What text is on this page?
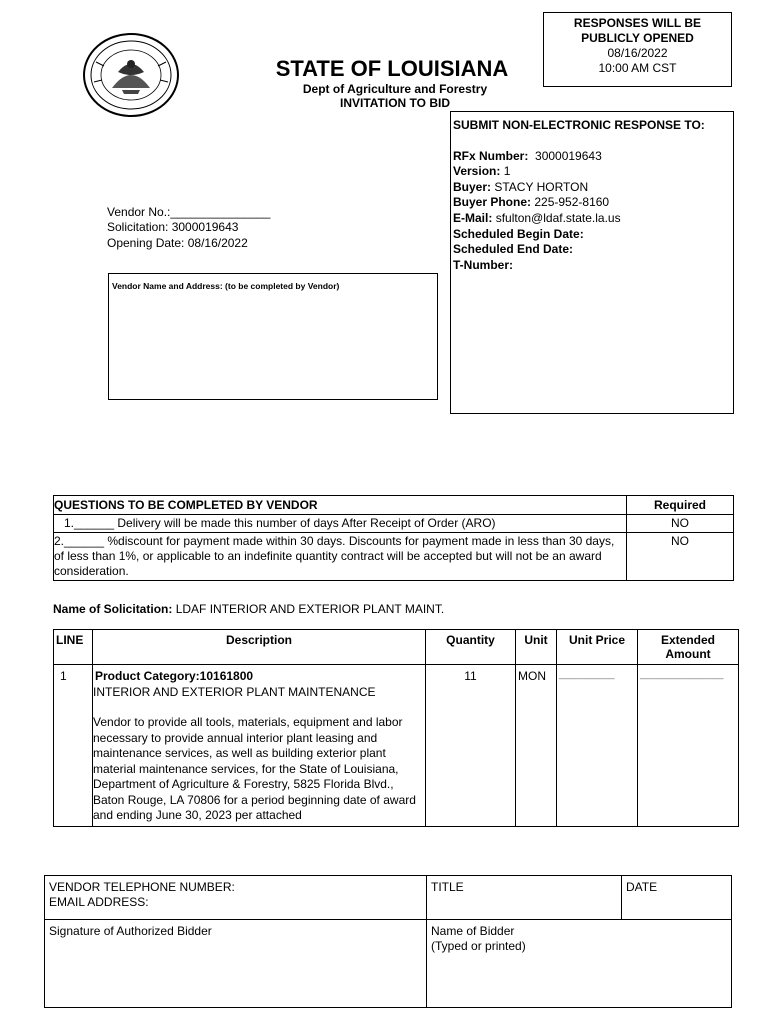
STATE OF LOUISIANA
Dept of Agriculture and Forestry
INVITATION TO BID
RESPONSES WILL BE
PUBLICLY OPENED
08/16/2022
10:00 AM CST
Vendor No.:_______________
Solicitation: 3000019643
Opening Date: 08/16/2022
Vendor Name and Address: (to be completed by Vendor)
SUBMIT NON-ELECTRONIC RESPONSE TO:
RFx Number: 3000019643
Version: 1
Buyer: STACY HORTON
Buyer Phone: 225-952-8160
E-Mail: sfulton@ldaf.state.la.us
Scheduled Begin Date:
Scheduled End Date:
T-Number:
QUESTIONS TO BE COMPLETED BY VENDOR	Required
1.______ Delivery will be made this number of days After Receipt of Order (ARO)	NO
2.______ %discount for payment made within 30 days. Discounts for payment made in less than 30 days, of less than 1%, or applicable to an indefinite quantity contract will be accepted but will not be an award consideration.	NO
Name of Solicitation: LDAF INTERIOR AND EXTERIOR PLANT MAINT.
LINE	Description	Quantity	Unit	Unit Price	Extended Amount
1	Product Category:10161800
INTERIOR AND EXTERIOR PLANT MAINTENANCE
Vendor to provide all tools, materials, equipment and labor necessary to provide annual interior plant leasing and maintenance services, as well as building exterior plant material maintenance services, for the State of Louisiana, Department of Agriculture & Forestry, 5825 Florida Blvd., Baton Rouge, LA 70806 for a period beginning date of award and ending June 30, 2023 per attached	11	MON	__________	_______________
VENDOR TELEPHONE NUMBER:
EMAIL ADDRESS:	TITLE	DATE

Signature of Authorized Bidder	Name of Bidder
(Typed or printed)	
